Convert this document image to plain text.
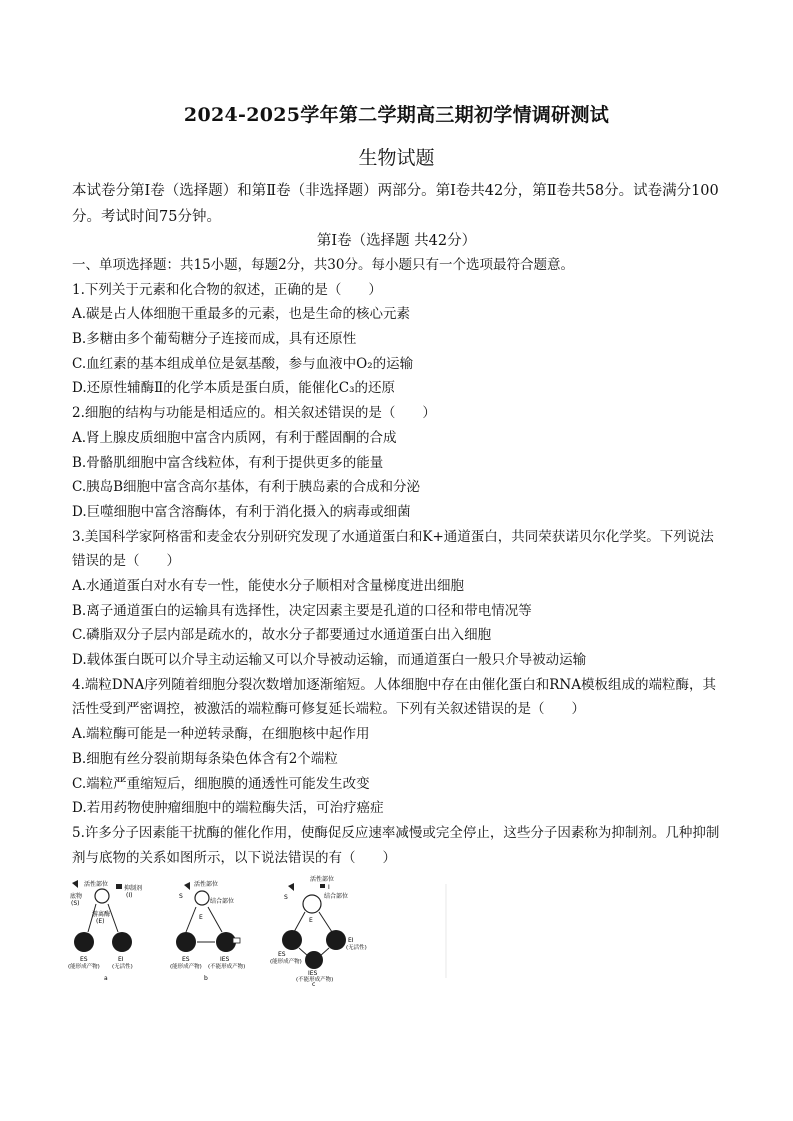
2024-2025学年第二学期高三期初学情调研测试
生物试题
本试卷分第Ⅰ卷（选择题）和第Ⅱ卷（非选择题）两部分。第Ⅰ卷共42分，第Ⅱ卷共58分。试卷满分100分。考试时间75分钟。
第Ⅰ卷（选择题 共42分）
一、单项选择题：共15小题，每题2分，共30分。每小题只有一个选项最符合题意。
1.下列关于元素和化合物的叙述，正确的是（　　）
A.碳是占人体细胞干重最多的元素，也是生命的核心元素
B.多糖由多个葡萄糖分子连接而成，具有还原性
C.血红素的基本组成单位是氨基酸，参与血液中O₂的运输
D.还原性辅酶Ⅱ的化学本质是蛋白质，能催化C₃的还原
2.细胞的结构与功能是相适应的。相关叙述错误的是（　　）
A.肾上腺皮质细胞中富含内质网，有利于醛固酮的合成
B.骨骼肌细胞中富含线粒体，有利于提供更多的能量
C.胰岛B细胞中富含高尔基体，有利于胰岛素的合成和分泌
D.巨噬细胞中富含溶酶体，有利于消化摄入的病毒或细菌
3.美国科学家阿格雷和麦金农分别研究发现了水通道蛋白和K+通道蛋白，共同荣获诺贝尔化学奖。下列说法错误的是（　　）
A.水通道蛋白对水有专一性，能使水分子顺相对含量梯度进出细胞
B.离子通道蛋白的运输具有选择性，决定因素主要是孔道的口径和带电情况等
C.磷脂双分子层内部是疏水的，故水分子都要通过水通道蛋白出入细胞
D.载体蛋白既可以介导主动运输又可以介导被动运输，而通道蛋白一般只介导被动运输
4.端粒DNA序列随着细胞分裂次数增加逐渐缩短。人体细胞中存在由催化蛋白和RNA模板组成的端粒酶，其活性受到严密调控，被激活的端粒酶可修复延长端粒。下列有关叙述错误的是（　　）
A.端粒酶可能是一种逆转录酶，在细胞核中起作用
B.细胞有丝分裂前期每条染色体含有2个端粒
C.端粒严重缩短后，细胞膜的通透性可能发生改变
D.若用药物使肿瘤细胞中的端粒酶失活，可治疗癌症
5.许多分子因素能干扰酶的催化作用，使酶促反应速率减慢或完全停止，这些分子因素称为抑制剂。几种抑制剂与底物的关系如图所示，以下说法错误的有（　　）
活性部位
底物
(S)
抑制剂
(I)
游离酶
(E)
ES
(能形成产物)
EI
(无活性)
a
S
活性部位
结合部位
E
ES
(能形成产物)
IES
(不能形成产物)
b
S
活性部位
I
结合部位
E
ES
(能形成产物)
EI
(无活性)
IES
(不能形成产物)
c
